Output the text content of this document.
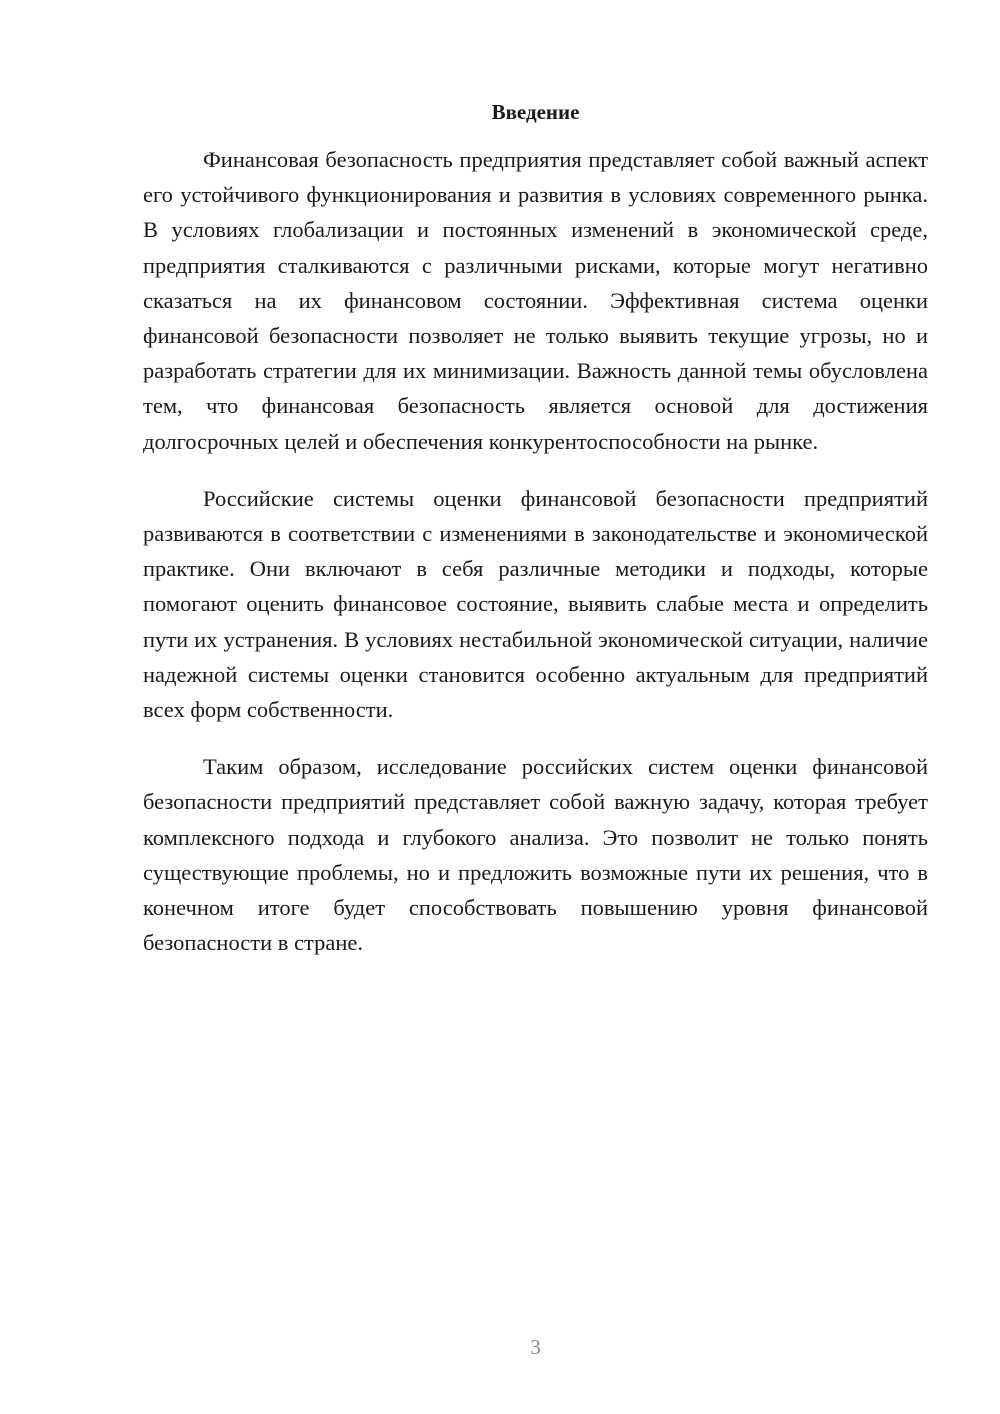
Введение

Финансовая безопасность предприятия представляет собой важный аспект его устойчивого функционирования и развития в условиях современного рынка. В условиях глобализации и постоянных изменений в экономической среде, предприятия сталкиваются с различными рисками, которые могут негативно сказаться на их финансовом состоянии. Эффективная система оценки финансовой безопасности позволяет не только выявить текущие угрозы, но и разработать стратегии для их минимизации. Важность данной темы обусловлена тем, что финансовая безопасность является основой для достижения долгосрочных целей и обеспечения конкурентоспособности на рынке.

Российские системы оценки финансовой безопасности предприятий развиваются в соответствии с изменениями в законодательстве и экономической практике. Они включают в себя различные методики и подходы, которые помогают оценить финансовое состояние, выявить слабые места и определить пути их устранения. В условиях нестабильной экономической ситуации, наличие надежной системы оценки становится особенно актуальным для предприятий всех форм собственности.

Таким образом, исследование российских систем оценки финансовой безопасности предприятий представляет собой важную задачу, которая требует комплексного подхода и глубокого анализа. Это позволит не только понять существующие проблемы, но и предложить возможные пути их решения, что в конечном итоге будет способствовать повышению уровня финансовой безопасности в стране.

3
